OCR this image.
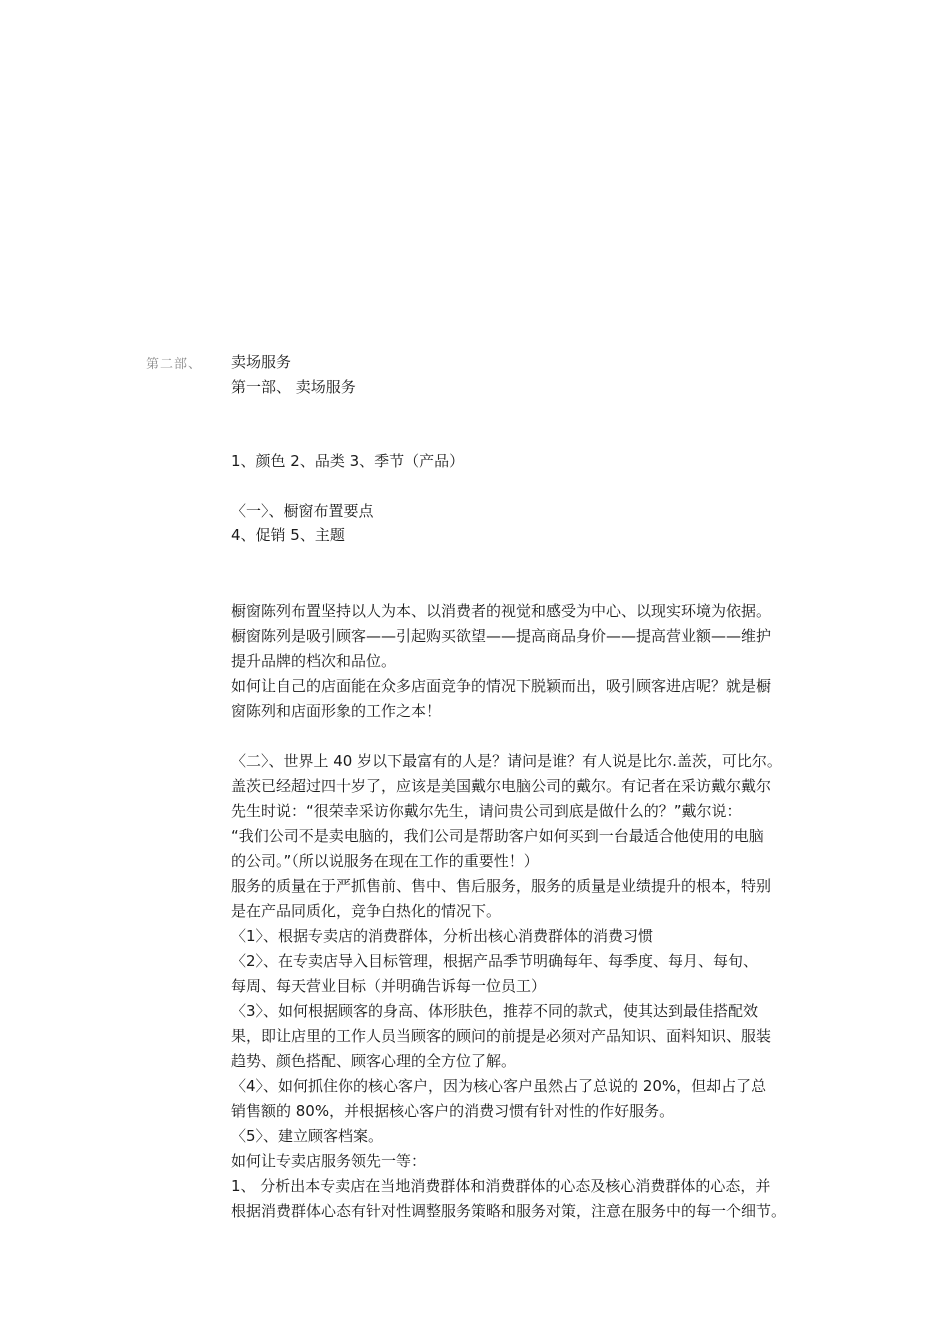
第二部、 卖场服务
第一部、 卖场服务
1、颜色 2、品类 3、季节（产品）
〈一〉、橱窗布置要点
4、促销 5、主题
橱窗陈列布置坚持以人为本、以消费者的视觉和感受为中心、以现实环境为依据。
橱窗陈列是吸引顾客——引起购买欲望——提高商品身价——提高营业额——维护
提升品牌的档次和品位。
如何让自己的店面能在众多店面竞争的情况下脱颖而出，吸引顾客进店呢？就是橱
窗陈列和店面形象的工作之本！
〈二〉、世界上 40 岁以下最富有的人是？请问是谁？有人说是比尔.盖茨，可比尔。
盖茨已经超过四十岁了，应该是美国戴尔电脑公司的戴尔。有记者在采访戴尔戴尔
先生时说：“很荣幸采访你戴尔先生，请问贵公司到底是做什么的？”戴尔说：
“我们公司不是卖电脑的，我们公司是帮助客户如何买到一台最适合他使用的电脑
的公司。”（所以说服务在现在工作的重要性！）
服务的质量在于严抓售前、售中、售后服务，服务的质量是业绩提升的根本，特别
是在产品同质化，竞争白热化的情况下。
〈1〉、根据专卖店的消费群体，分析出核心消费群体的消费习惯
〈2〉、在专卖店导入目标管理，根据产品季节明确每年、每季度、每月、每旬、
每周、每天营业目标（并明确告诉每一位员工）
〈3〉、如何根据顾客的身高、体形肤色，推荐不同的款式，使其达到最佳搭配效
果，即让店里的工作人员当顾客的顾问的前提是必须对产品知识、面料知识、服装
趋势、颜色搭配、顾客心理的全方位了解。
〈4〉、如何抓住你的核心客户，因为核心客户虽然占了总说的 20%，但却占了总
销售额的 80%，并根据核心客户的消费习惯有针对性的作好服务。
〈5〉、建立顾客档案。
如何让专卖店服务领先一等：
1、 分析出本专卖店在当地消费群体和消费群体的心态及核心消费群体的心态，并
根据消费群体心态有针对性调整服务策略和服务对策，注意在服务中的每一个细节。
